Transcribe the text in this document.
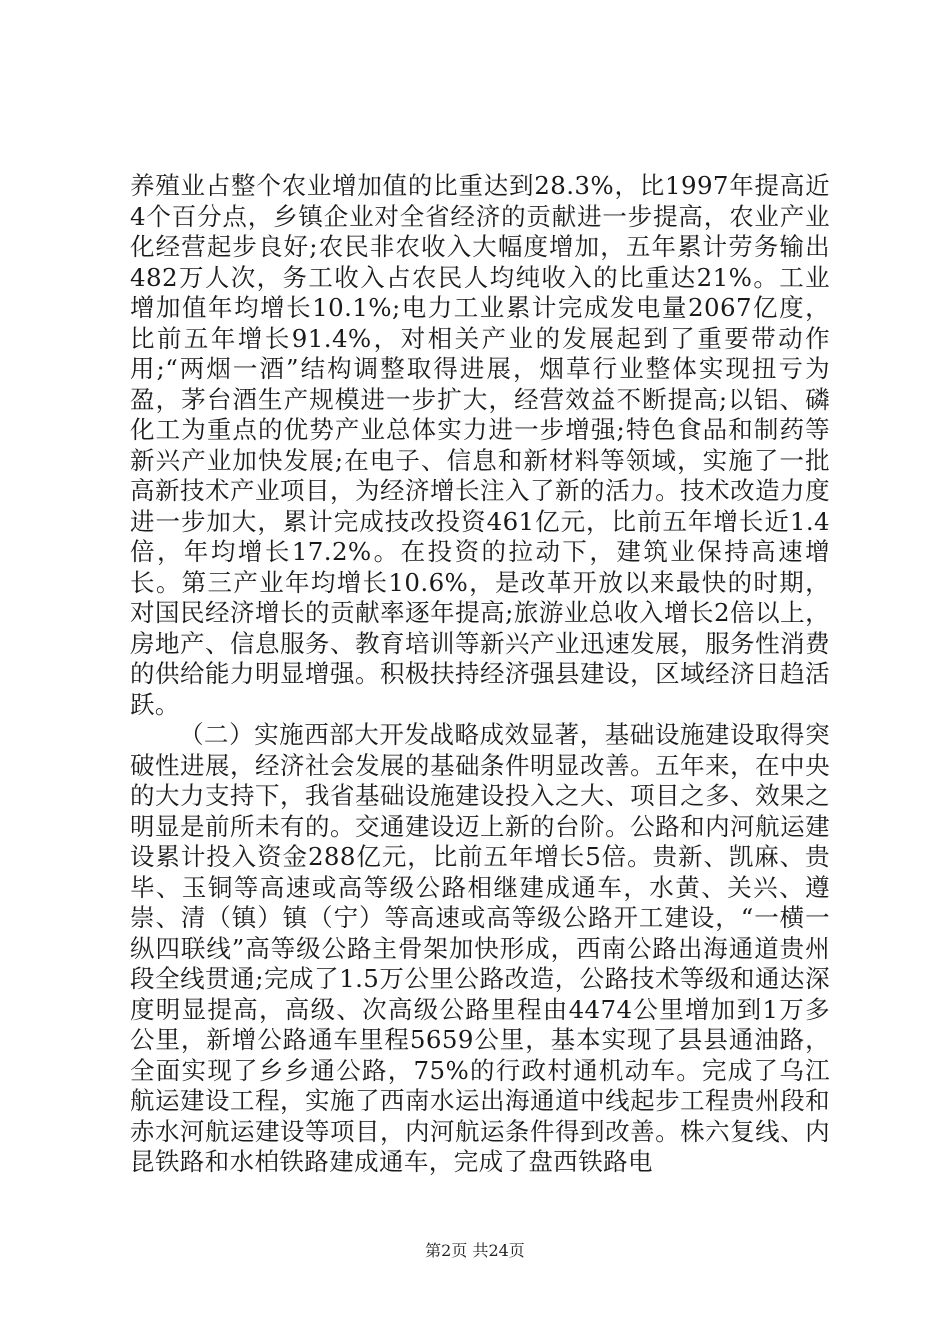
养殖业占整个农业增加值的比重达到28.3%，比1997年提高近4个百分点，乡镇企业对全省经济的贡献进一步提高，农业产业化经营起步良好;农民非农收入大幅度增加，五年累计劳务输出482万人次，务工收入占农民人均纯收入的比重达21%。工业增加值年均增长10.1%;电力工业累计完成发电量2067亿度，比前五年增长91.4%，对相关产业的发展起到了重要带动作用;“两烟一酒”结构调整取得进展，烟草行业整体实现扭亏为盈，茅台酒生产规模进一步扩大，经营效益不断提高;以铝、磷化工为重点的优势产业总体实力进一步增强;特色食品和制药等新兴产业加快发展;在电子、信息和新材料等领域，实施了一批高新技术产业项目，为经济增长注入了新的活力。技术改造力度进一步加大，累计完成技改投资461亿元，比前五年增长近1.4倍，年均增长17.2%。在投资的拉动下，建筑业保持高速增长。第三产业年均增长10.6%，是改革开放以来最快的时期，对国民经济增长的贡献率逐年提高;旅游业总收入增长2倍以上，房地产、信息服务、教育培训等新兴产业迅速发展，服务性消费的供给能力明显增强。积极扶持经济强县建设，区域经济日趋活跃。

（二）实施西部大开发战略成效显著，基础设施建设取得突破性进展，经济社会发展的基础条件明显改善。五年来，在中央的大力支持下，我省基础设施建设投入之大、项目之多、效果之明显是前所未有的。交通建设迈上新的台阶。公路和内河航运建设累计投入资金288亿元，比前五年增长5倍。贵新、凯麻、贵毕、玉铜等高速或高等级公路相继建成通车，水黄、关兴、遵崇、清（镇）镇（宁）等高速或高等级公路开工建设，“一横一纵四联线”高等级公路主骨架加快形成，西南公路出海通道贵州段全线贯通;完成了1.5万公里公路改造，公路技术等级和通达深度明显提高，高级、次高级公路里程由4474公里增加到1万多公里，新增公路通车里程5659公里，基本实现了县县通油路，全面实现了乡乡通公路，75%的行政村通机动车。完成了乌江航运建设工程，实施了西南水运出海通道中线起步工程贵州段和赤水河航运建设等项目，内河航运条件得到改善。株六复线、内昆铁路和水柏铁路建成通车，完成了盘西铁路电

第2页 共24页
